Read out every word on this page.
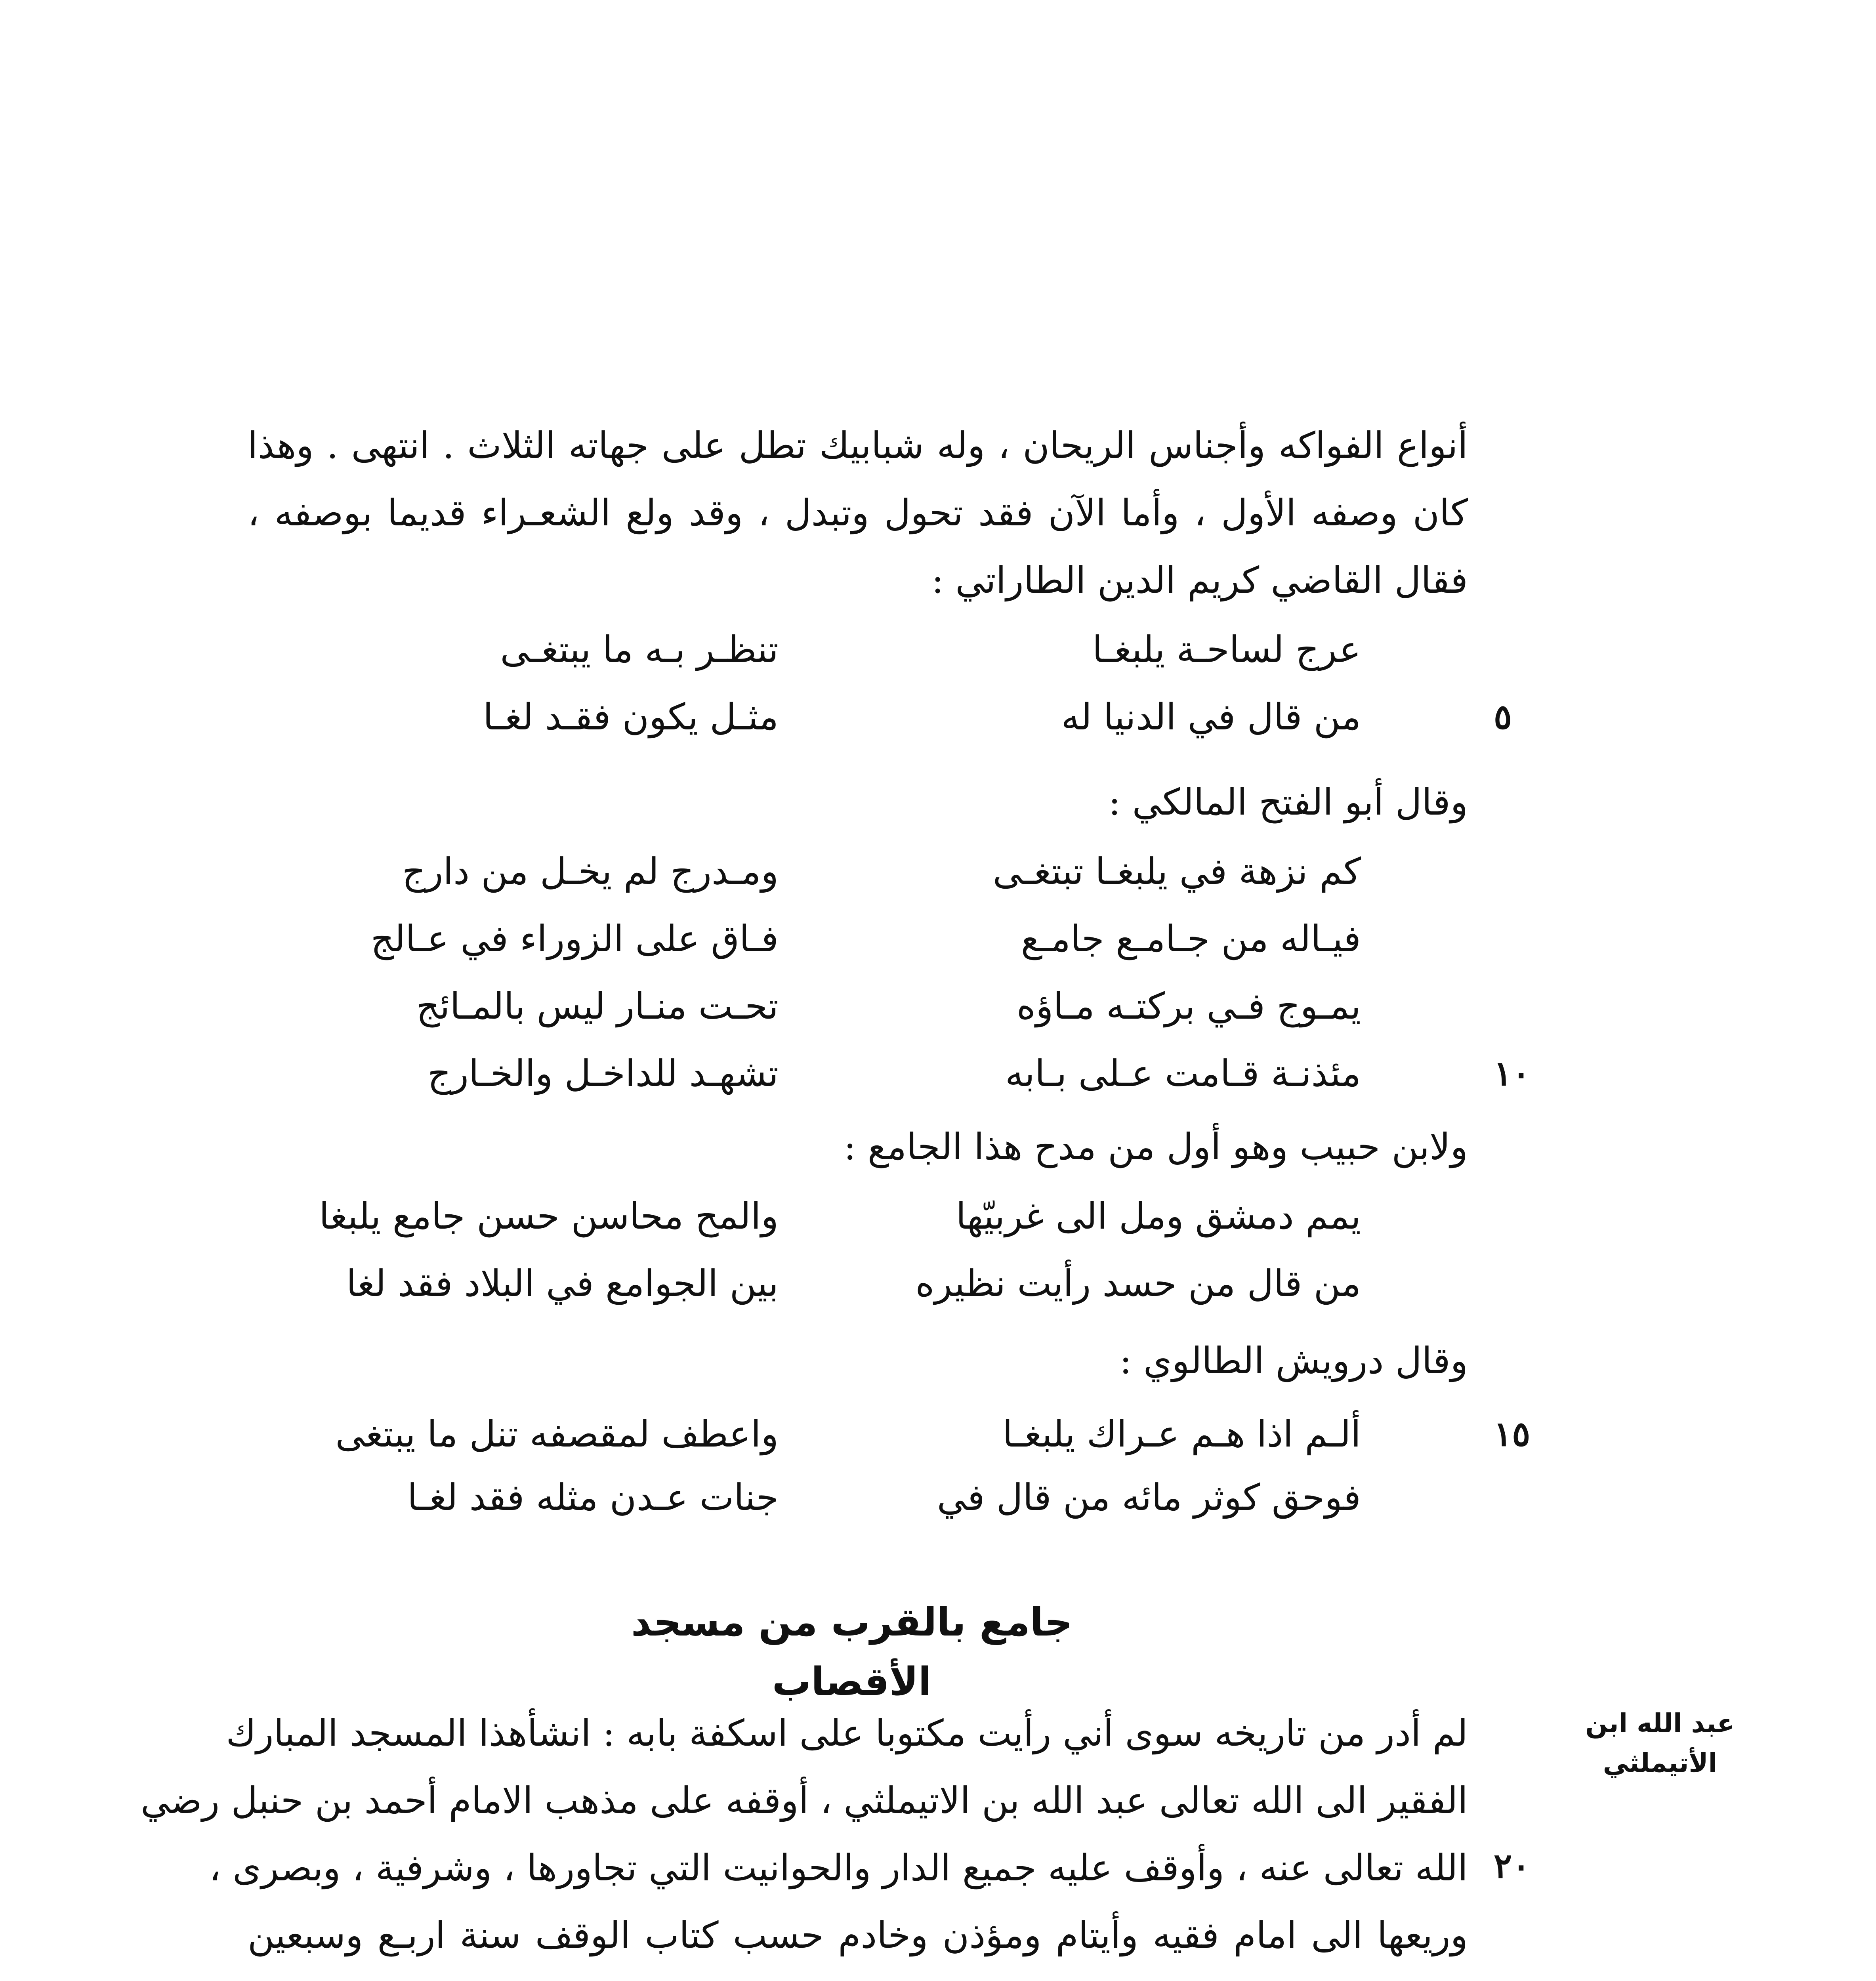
أنواع الفواكه وأجناس الريحان ، وله شبابيك تطل على جهاته الثلاث . انتهى . وهذا
كان وصفه الأول ، وأما الآن فقد تحول وتبدل ، وقد ولع الشعـراء قديما بوصفه ،
فقال القاضي كريم الدين الطاراتي :
عرج لساحـة يلبغـا
تنظـر بـه ما يبتغـى
من قال في الدنيا له
مثـل يكون فقـد لغـا	٥
وقال أبو الفتح المالكي :
كم نزهة في يلبغـا تبتغـى
ومـدرج لم يخـل من دارج
فيـاله من جـامـع جامـع
فـاق على الزوراء في عـالج
يمـوج فـي بركتـه مـاؤه
تحـت منـار ليس بالمـائج
مئذنـة قـامت عـلى بـابه
تشهـد للداخـل والخـارج	١٠
ولابن حبيب وهو أول من مدح هذا الجامع :
يمم دمشق ومل الى غربيّها
والمح محاسن حسن جامع يلبغا
من قال من حسد رأيت نظيره
بين الجوامع في البلاد فقد لغا
وقال درويش الطالوي :
ألـم اذا هـم عـراك يلبغـا
واعطف لمقصفه تنل ما يبتغى
فوحق كوثر مائه من قال في
جنات عـدن مثله فقد لغـا
١٥
جامع بالقرب من مسجد الأقصاب
عبد الله ابن
الأتيملثي
لم أدر من تاريخه سوى أني رأيت مكتوبا على اسكفة بابه : انشأهذا المسجد المبارك
الفقير الى الله تعالى عبد الله بن الاتيملثي ، أوقفه على مذهب الامام أحمد بن حنبل رضي
الله تعالى عنه ، وأوقف عليه جميع الدار والحوانيت التي تجاورها ، وشرفية ، وبصرى ،
وريعها الى امام فقيه وأيتام ومؤذن وخادم حسب كتاب الوقف سنة اربـع وسبعين
٢٠
